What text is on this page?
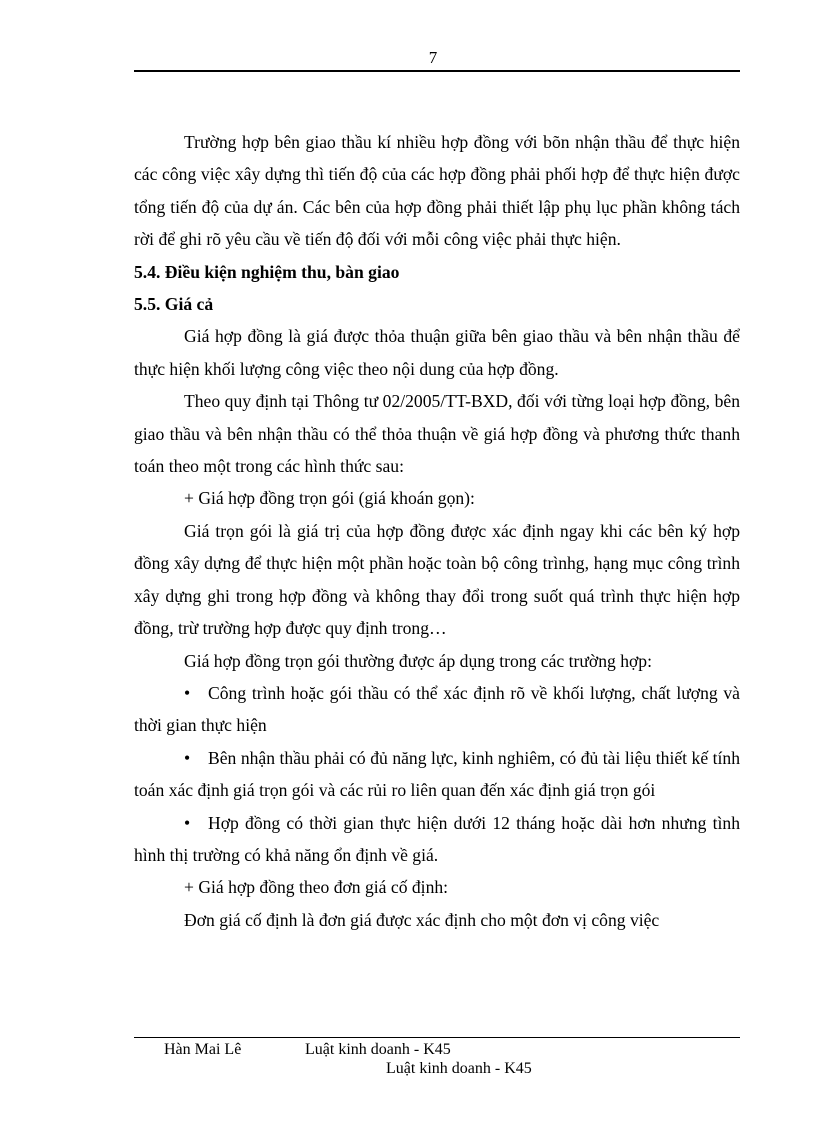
7

Trường hợp bên giao thầu kí nhiều hợp đồng với bõn nhận thầu để thực hiện các công việc xây dựng thì tiến độ của các hợp đồng phải phối hợp để thực hiện được tổng tiến độ của dự án. Các bên của hợp đồng phải thiết lập phụ lục phần không tách rời để ghi rõ yêu cầu về tiến độ đối với mỗi công việc phải thực hiện.

5.4. Điều kiện nghiệm thu, bàn giao

5.5. Giá cả

Giá hợp đồng là giá được thỏa thuận giữa bên giao thầu và bên nhận thầu để thực hiện khối lượng công việc theo nội dung của hợp đồng.

Theo quy định tại Thông tư 02/2005/TT-BXD, đối với từng loại hợp đồng, bên giao thầu và bên nhận thầu có thể thỏa thuận về giá hợp đồng và phương thức thanh toán theo một trong các hình thức sau:

+ Giá hợp đồng trọn gói (giá khoán gọn):

Giá trọn gói là giá trị của hợp đồng được xác định ngay khi các bên ký hợp đồng xây dựng để thực hiện một phần hoặc toàn bộ công trìnhg, hạng mục công trình xây dựng ghi trong hợp đồng và không thay đổi trong suốt quá trình thực hiện hợp đồng, trừ trường hợp được quy định trong…

Giá hợp đồng trọn gói thường được áp dụng trong các trường hợp:

• Công trình hoặc gói thầu có thể xác định rõ về khối lượng, chất lượng và thời gian thực hiện

• Bên nhận thầu phải có đủ năng lực, kinh nghiêm, có đủ tài liệu thiết kế tính toán xác định giá trọn gói và các rủi ro liên quan đến xác định giá trọn gói

• Hợp đồng có thời gian thực hiện dưới 12 tháng hoặc dài hơn nhưng tình hình thị trường có khả năng ổn định về giá.

+ Giá hợp đồng theo đơn giá cố định:

Đơn giá cố định là đơn giá được xác định cho một đơn vị công việc

Hàn Mai Lê	Luật kinh doanh - K45
Luật kinh doanh - K45
